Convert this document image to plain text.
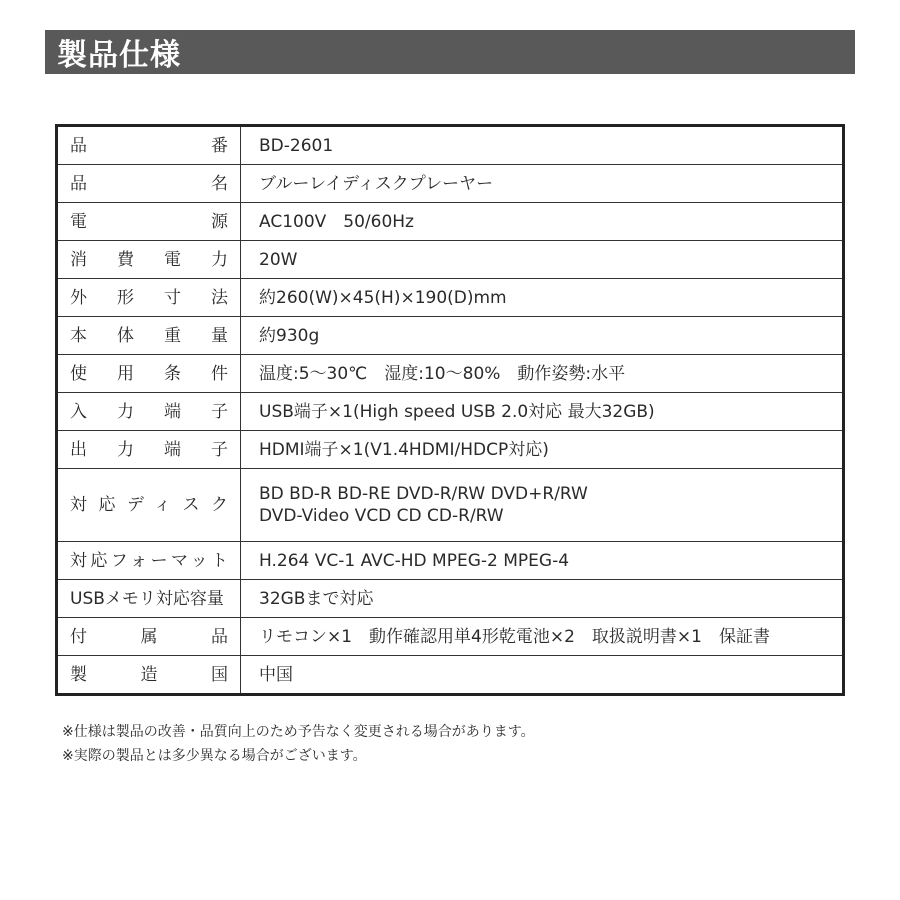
製品仕様
品番	BD-2601

品名	ブルーレイディスクプレーヤー

電源	AC100V　50/60Hz

消費電力	20W

外形寸法	約260(W)×45(H)×190(D)mm

本体重量	約930g

使用条件	温度:5〜30℃　湿度:10〜80%　動作姿勢:水平

入力端子	USB端子×1(High speed USB 2.0対応 最大32GB)

出力端子	HDMI端子×1(V1.4HDMI/HDCP対応)

対応ディスク	BD BD-R BD-RE DVD-R/RW DVD+R/RW
DVD-Video VCD CD CD-R/RW

対応フォーマット	H.264 VC-1 AVC-HD MPEG-2 MPEG-4

USBメモリ対応容量	32GBまで対応

付属品	リモコン×1　動作確認用単4形乾電池×2　取扱説明書×1　保証書

製造国	中国
※仕様は製品の改善・品質向上のため予告なく変更される場合があります。
※実際の製品とは多少異なる場合がございます。
